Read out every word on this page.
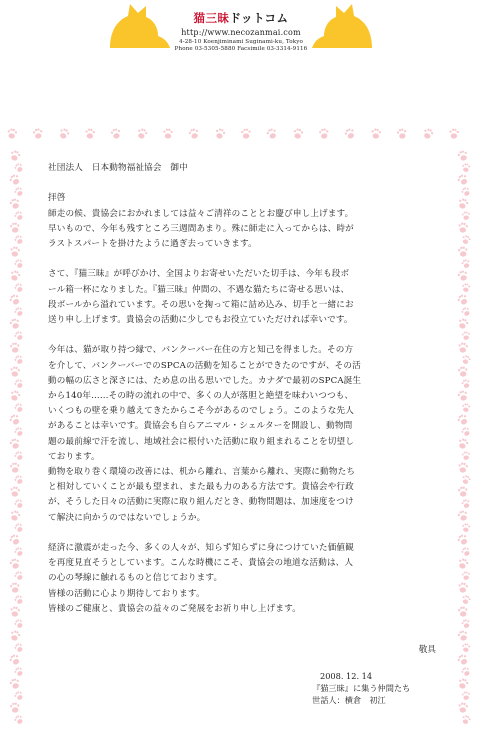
猫三昧ドットコム
http://www.necozanmai.com
4-28-10 Koenjiminami Suginami-ku, Tokyo
Phone 03-5305-5880 Facsimile 03-3314-9116

社団法人　日本動物福祉協会　御中

拝啓

師走の候、貴協会におかれましては益々ご清祥のこととお慶び申し上げます。

早いもので、今年も残すところ三週間あまり。殊に師走に入ってからは、時が

ラストスパートを掛けたように過ぎ去っていきます。

さて、『猫三昧』が呼びかけ、全国よりお寄せいただいた切手は、今年も段ボ

ール箱一杯になりました。『猫三昧』仲間の、不遇な猫たちに寄せる思いは、

段ボールから溢れています。その思いを掬って箱に詰め込み、切手と一緒にお

送り申し上げます。貴協会の活動に少しでもお役立ていただければ幸いです。

今年は、猫が取り持つ縁で、バンクーバー在住の方と知己を得ました。その方

を介して、バンクーバーでのSPCAの活動を知ることができたのですが、その活

動の幅の広さと深さには、ため息の出る思いでした。カナダで最初のSPCA誕生

から140年……その時の流れの中で、多くの人が落胆と絶望を味わいつつも、

いくつもの壁を乗り越えてきたからこそ今があるのでしょう。このような先人

があることは幸いです。貴協会も自らアニマル・シェルターを開設し、動物問

題の最前線で汗を流し、地域社会に根付いた活動に取り組まれることを切望し

ております。

動物を取り巻く環境の改善には、机から離れ、言葉から離れ、実際に動物たち

と相対していくことが最も望まれ、また最も力のある方法です。貴協会や行政

が、そうした日々の活動に実際に取り組んだとき、動物問題は、加速度をつけ

て解決に向かうのではないでしょうか。

経済に激震が走った今、多くの人々が、知らず知らずに身につけていた価値観

を再度見直そうとしています。こんな時機にこそ、貴協会の地道な活動は、人

の心の琴線に触れるものと信じております。

皆様の活動に心より期待しております。

皆様のご健康と、貴協会の益々のご発展をお祈り申し上げます。

敬具
2008. 12. 14
『猫三昧』に集う仲間たち
世話人：横倉　初江
